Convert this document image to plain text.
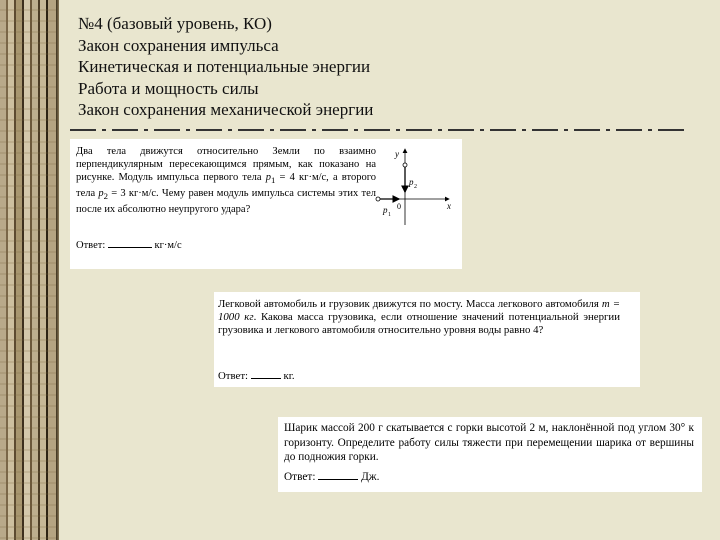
№4 (базовый уровень, КО)
Закон сохранения импульса
Кинетическая и потенциальные энергии
Работа и мощность силы
Закон сохранения механической энергии
Два тела движутся относительно Земли по взаимно перпендикулярным пересекающимся прямым, как показано на рисунке. Модуль импульса первого тела $p_1 = 4$ кг·м/с, а второго тела $p_2 = 3$ кг·м/с. Чему равен модуль импульса системы этих тел после их абсолютно неупругого удара?
Ответ:	кг·м/с
y
x
p 2
p 1
0
Легковой автомобиль и грузовик движутся по мосту. Масса легкового автомобиля m = 1000 кг. Какова масса грузовика, если отношение значений потенциальной энергии грузовика и легкового автомобиля относительно уровня воды равно 4?
Ответ:	кг.
Шарик массой 200 г скатывается с горки высотой 2 м, наклонённой под углом 30° к горизонту. Определите работу силы тяжести при перемещении шарика от вершины до подножия горки.
Ответ:	Дж.
